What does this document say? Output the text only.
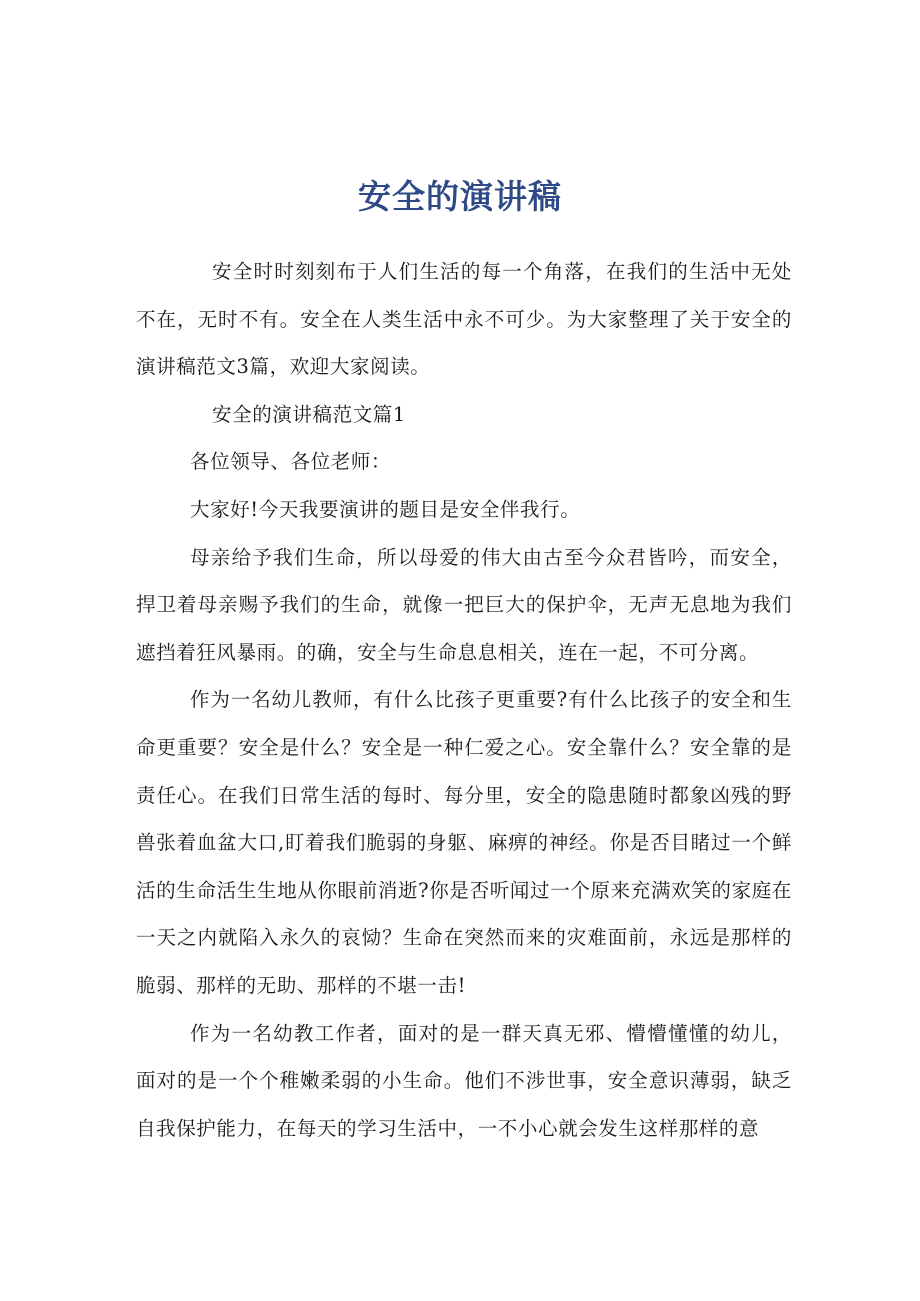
安全的演讲稿

安全时时刻刻布于人们生活的每一个角落，在我们的生活中无处不在，无时不有。安全在人类生活中永不可少。为大家整理了关于安全的演讲稿范文3篇，欢迎大家阅读。

安全的演讲稿范文篇1

各位领导、各位老师：

大家好!今天我要演讲的题目是安全伴我行。

母亲给予我们生命，所以母爱的伟大由古至今众君皆吟，而安全，捍卫着母亲赐予我们的生命，就像一把巨大的保护伞，无声无息地为我们遮挡着狂风暴雨。的确，安全与生命息息相关，连在一起，不可分离。

作为一名幼儿教师，有什么比孩子更重要?有什么比孩子的安全和生命更重要？安全是什么？安全是一种仁爱之心。安全靠什么？安全靠的是责任心。在我们日常生活的每时、每分里，安全的隐患随时都象凶残的野兽张着血盆大口,盯着我们脆弱的身躯、麻痹的神经。你是否目睹过一个鲜活的生命活生生地从你眼前消逝?你是否听闻过一个原来充满欢笑的家庭在一天之内就陷入永久的哀恸？生命在突然而来的灾难面前，永远是那样的脆弱、那样的无助、那样的不堪一击!

作为一名幼教工作者，面对的是一群天真无邪、懵懵懂懂的幼儿，面对的是一个个稚嫩柔弱的小生命。他们不涉世事，安全意识薄弱，缺乏自我保护能力，在每天的学习生活中，一不小心就会发生这样那样的意
